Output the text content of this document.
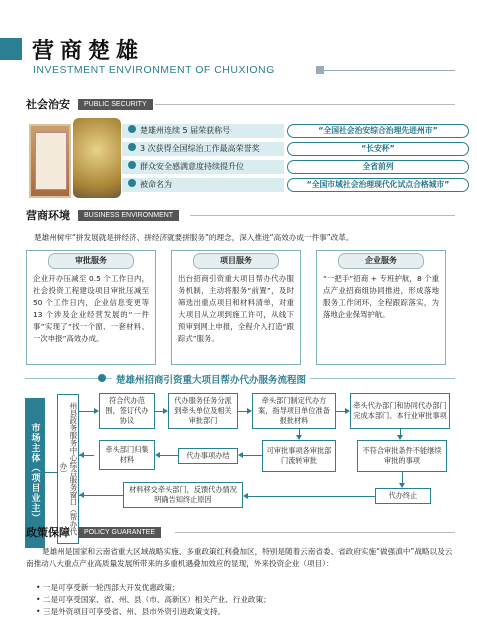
营商楚雄
INVESTMENT ENVIRONMENT OF CHUXIONG
社会治安	PUBLIC SECURITY
楚雄州连续 5 届荣获称号	“全国社会治安综合治理先进州市”
3 次获得全国综治工作最高荣誉奖	“长安杯”
群众安全感满意度持续提升位	全省前列
被命名为	“全国市域社会治理现代化试点合格城市”
营商环境	BUSINESS ENVIRONMENT
楚雄州树牢“拼发展就是拼经济、拼经济就要拼服务”的理念，深入推进“高效办成一件事”改革。
审批服务
企业开办压减至 0.5 个工作日内，社会投资工程建设项目审批压减至 50 个工作日内，企业信息变更等 13 个涉及企业经营发展的“一件事”实现了“找一个窗、一套材料、一次申报”高效办成。
项目服务
出台招商引资重大项目帮办代办服务机制，主动将服务“前置”，及时筛选出重点项目和材料清单，对重大项目从立项到施工许可，从线下预审到网上申报，全程介入打造“跟踪式”服务。
企业服务
“一把手”招商 + 专班护航，8 个重点产业招商组协同推进，形成落地服务工作闭环，全程跟踪落实，为落地企业保驾护航。
楚雄州招商引资重大项目帮办代办服务流程图
市场主体（项目业主）	州县政务服务中心综合服务窗口（帮办代办）
符合代办范围，签订代办协议
代办服务任务分派到牵头单位及相关审批部门
牵头部门制定代办方案，指导项目单位准备报批材料
牵头代办部门和协同代办部门完成本部门、本行业审批事项
牵头部门归集材料	代办事项办结
可审批事项各审批部门流转审批
不符合审批条件不能继续审批的事项
代办终止
材料移交牵头部门，反馈代办情况明确告知终止原因
政策保障	POLICY GUARANTEE
楚雄州是国家和云南省重大区域战略实施、多重政策红利叠加区，特别是随着云南省委、省政府实施“做强滇中”战略以及云南推动八大重点产业高质量发展所带来的多重机遇叠加效应的显现，外来投资企业（项目）：
• 一是可享受新一轮西部大开发优惠政策；
• 二是可享受国家、省、州、县（市、高新区）相关产业、行业政策；
• 三是外资项目可享受省、州、县市外资引进政策支持。
